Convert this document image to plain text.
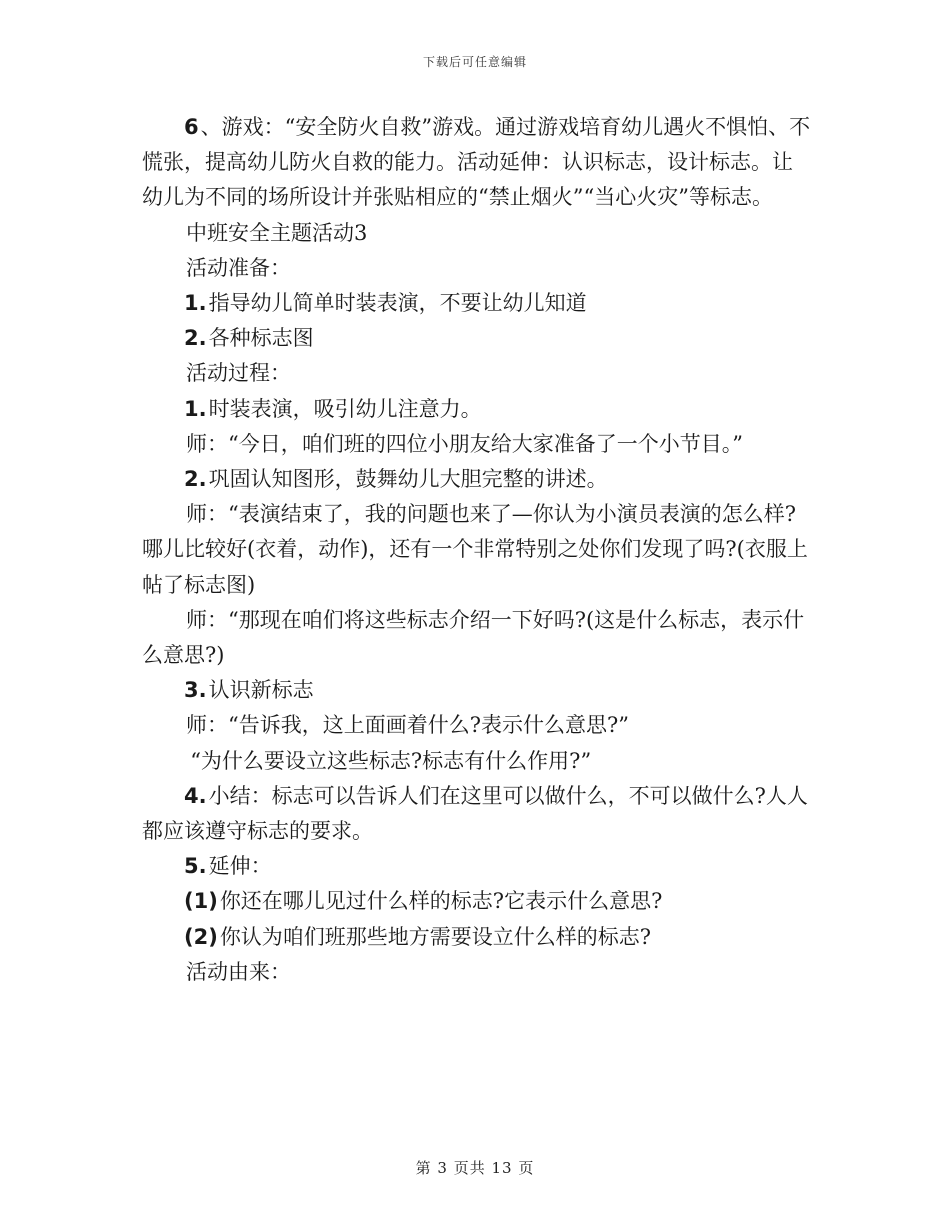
下载后可任意编辑

6、游戏：“安全防火自救”游戏。通过游戏培育幼儿遇火不惧怕、不慌张，提高幼儿防火自救的能力。活动延伸：认识标志，设计标志。让幼儿为不同的场所设计并张贴相应的“禁止烟火”“当心火灾”等标志。

中班安全主题活动3

活动准备：

1.指导幼儿简单时装表演，不要让幼儿知道

2.各种标志图

活动过程：

1.时装表演，吸引幼儿注意力。

师：“今日，咱们班的四位小朋友给大家准备了一个小节目。”

2.巩固认知图形，鼓舞幼儿大胆完整的讲述。

师：“表演结束了，我的问题也来了—你认为小演员表演的怎么样?哪儿比较好(衣着，动作)，还有一个非常特别之处你们发现了吗?(衣服上帖了标志图)

师：“那现在咱们将这些标志介绍一下好吗?(这是什么标志，表示什么意思?)

3.认识新标志

师：“告诉我，这上面画着什么?表示什么意思?”

“为什么要设立这些标志?标志有什么作用?”

4.小结：标志可以告诉人们在这里可以做什么，不可以做什么?人人都应该遵守标志的要求。

5.延伸：

(1)你还在哪儿见过什么样的标志?它表示什么意思?

(2)你认为咱们班那些地方需要设立什么样的标志?

活动由来：

第 3 页共 13 页
